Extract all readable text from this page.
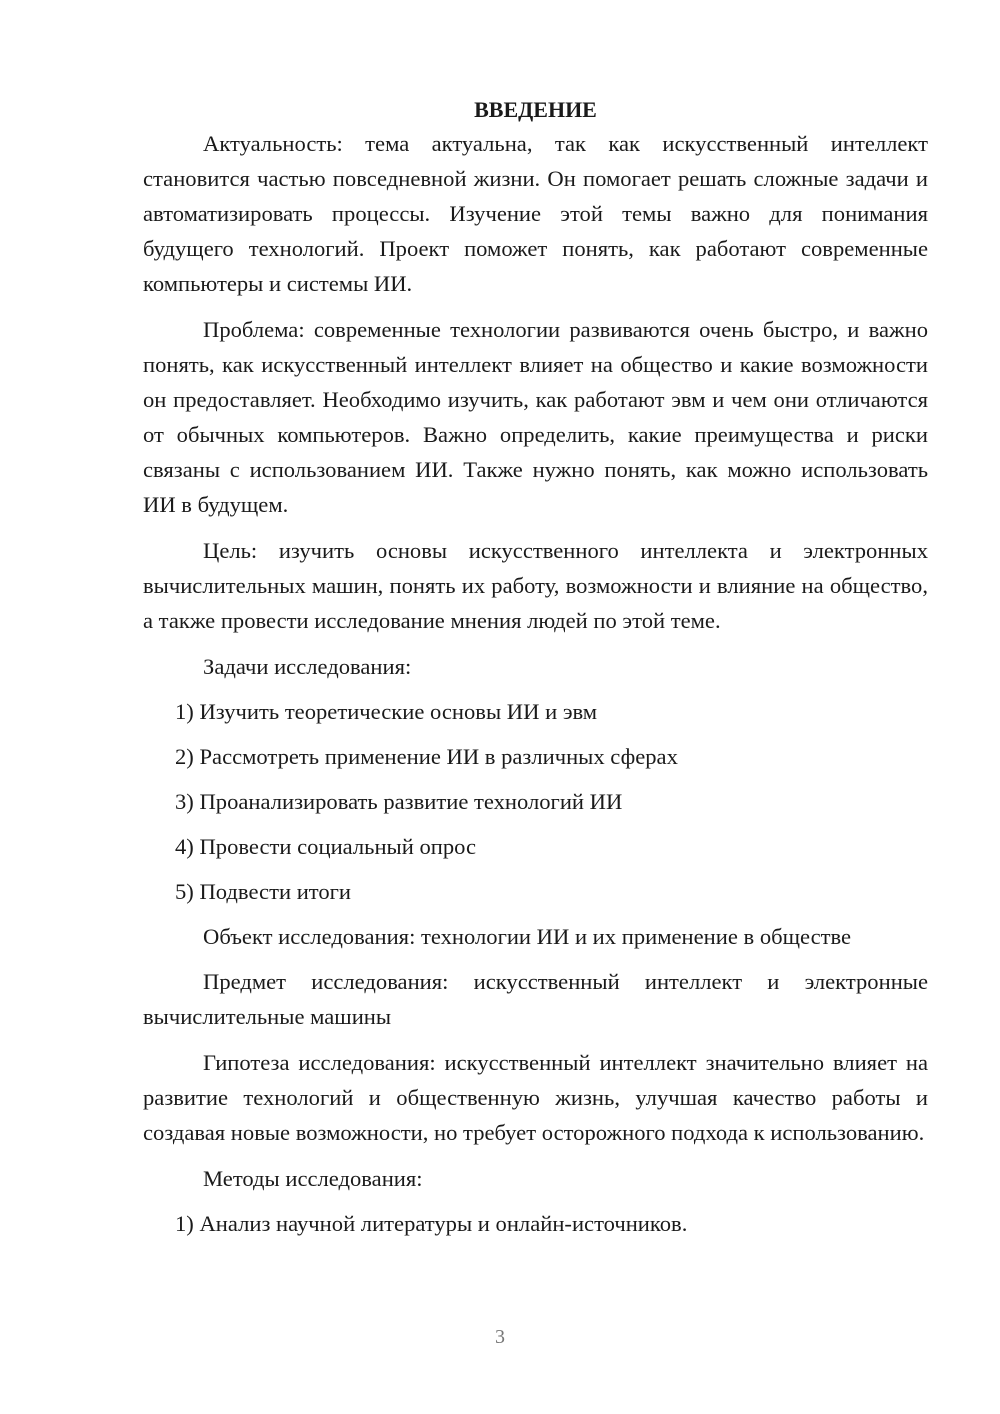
ВВЕДЕНИЕ

Актуальность: тема актуальна, так как искусственный интеллект становится частью повседневной жизни. Он помогает решать сложные задачи и автоматизировать процессы. Изучение этой темы важно для понимания будущего технологий. Проект поможет понять, как работают современные компьютеры и системы ИИ.

Проблема: современные технологии развиваются очень быстро, и важно понять, как искусственный интеллект влияет на общество и какие возможности он предоставляет. Необходимо изучить, как работают эвм и чем они отличаются от обычных компьютеров. Важно определить, какие преимущества и риски связаны с использованием ИИ. Также нужно понять, как можно использовать ИИ в будущем.

Цель: изучить основы искусственного интеллекта и электронных вычислительных машин, понять их работу, возможности и влияние на общество, а также провести исследование мнения людей по этой теме.

Задачи исследования:
1) Изучить теоретические основы ИИ и эвм
2) Рассмотреть применение ИИ в различных сферах
3) Проанализировать развитие технологий ИИ
4) Провести социальный опрос
5) Подвести итоги
Объект исследования: технологии ИИ и их применение в обществе

Предмет исследования: искусственный интеллект и электронные вычислительные машины

Гипотеза исследования: искусственный интеллект значительно влияет на развитие технологий и общественную жизнь, улучшая качество работы и создавая новые возможности, но требует осторожного подхода к использованию.

Методы исследования:
1) Анализ научной литературы и онлайн-источников.
3
